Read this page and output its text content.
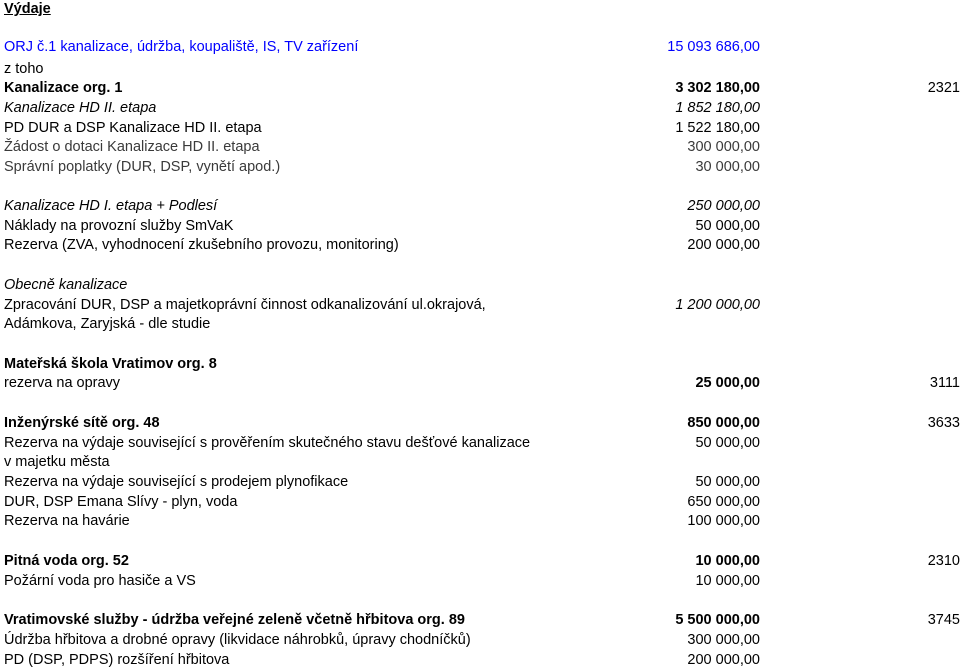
Výdaje
ORJ č.1 kanalizace, údržba, koupaliště, IS, TV zařízení	15 093 686,00
z toho
Kanalizace org. 1	3 302 180,00	2321
Kanalizace HD II. etapa	1 852 180,00
PD DUR a DSP Kanalizace HD II. etapa	1 522 180,00
Žádost o dotaci Kanalizace HD II. etapa	300 000,00
Správní poplatky (DUR, DSP, vynětí apod.)	30 000,00
Kanalizace HD I. etapa + Podlesí	250 000,00
Náklady na provozní služby SmVaK	50 000,00
Rezerva (ZVA, vyhodnocení zkušebního provozu, monitoring)	200 000,00
Obecně kanalizace
Zpracování DUR, DSP a majetkoprávní činnost odkanalizování ul.okrajová,	1 200 000,00
Adámkova, Zaryjská - dle studie
Mateřská škola Vratimov org. 8
rezerva na opravy	25 000,00	3111
Inženýrské sítě org. 48	850 000,00	3633
Rezerva na výdaje související s prověřením skutečného stavu dešťové kanalizace	50 000,00
v majetku města
Rezerva na výdaje související s prodejem plynofikace	50 000,00
DUR, DSP Emana Slívy - plyn, voda	650 000,00
Rezerva na havárie	100 000,00
Pitná voda org. 52	10 000,00	2310
Požární voda pro hasiče a VS	10 000,00
Vratimovské služby - údržba veřejné zeleně včetně hřbitova org. 89	5 500 000,00	3745
Údržba hřbitova a drobné opravy (likvidace náhrobků, úpravy chodníčků)	300 000,00
PD (DSP, PDPS) rozšíření hřbitova	200 000,00
